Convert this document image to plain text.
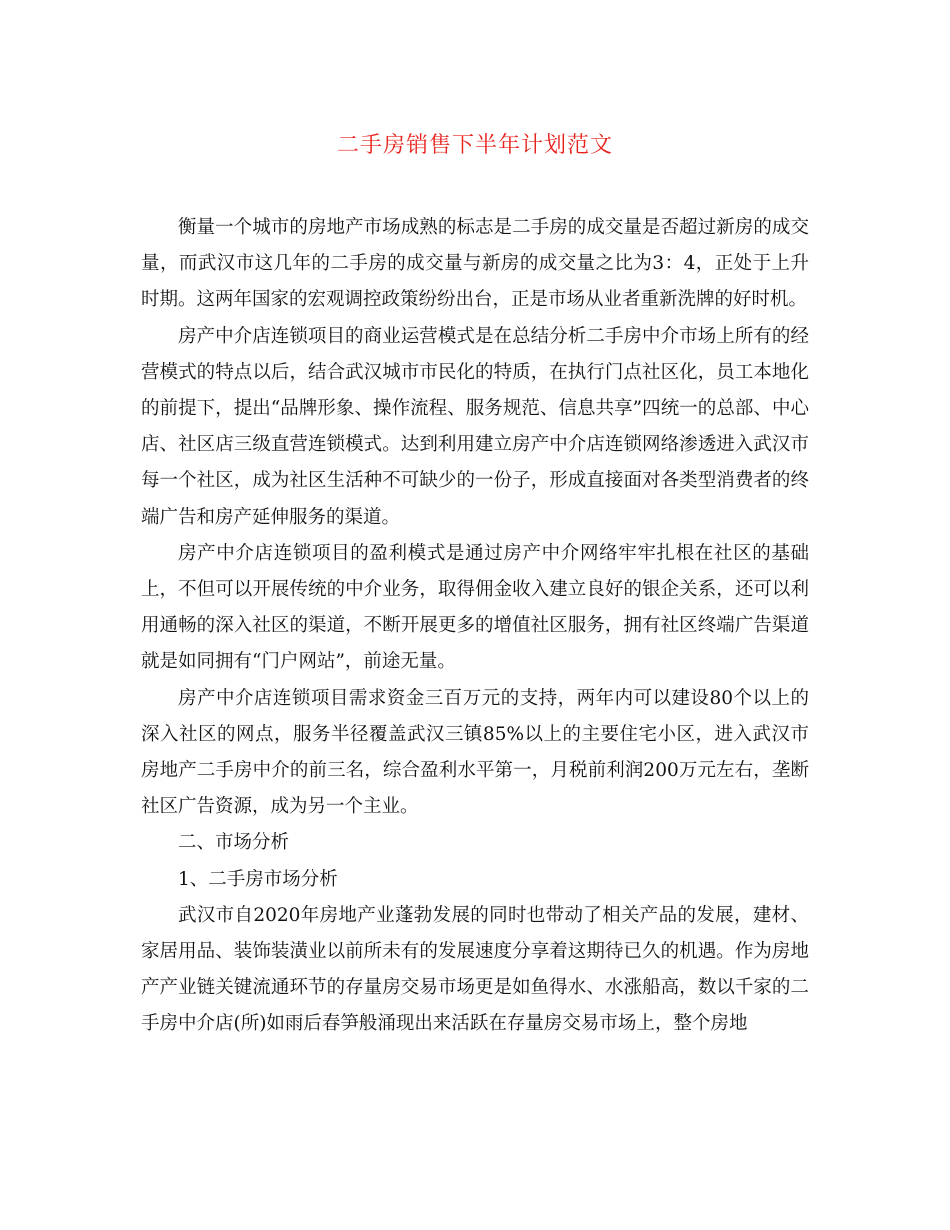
二手房销售下半年计划范文

衡量一个城市的房地产市场成熟的标志是二手房的成交量是否超过新房的成交量，而武汉市这几年的二手房的成交量与新房的成交量之比为3：4，正处于上升时期。这两年国家的宏观调控政策纷纷出台，正是市场从业者重新洗牌的好时机。

房产中介店连锁项目的商业运营模式是在总结分析二手房中介市场上所有的经营模式的特点以后，结合武汉城市市民化的特质，在执行门点社区化，员工本地化的前提下，提出“品牌形象、操作流程、服务规范、信息共享”四统一的总部、中心店、社区店三级直营连锁模式。达到利用建立房产中介店连锁网络渗透进入武汉市每一个社区，成为社区生活种不可缺少的一份子，形成直接面对各类型消费者的终端广告和房产延伸服务的渠道。

房产中介店连锁项目的盈利模式是通过房产中介网络牢牢扎根在社区的基础上，不但可以开展传统的中介业务，取得佣金收入建立良好的银企关系，还可以利用通畅的深入社区的渠道，不断开展更多的增值社区服务，拥有社区终端广告渠道就是如同拥有“门户网站”，前途无量。

房产中介店连锁项目需求资金三百万元的支持，两年内可以建设80个以上的深入社区的网点，服务半径覆盖武汉三镇85%以上的主要住宅小区，进入武汉市房地产二手房中介的前三名，综合盈利水平第一，月税前利润200万元左右，垄断社区广告资源，成为另一个主业。

二、市场分析

1、二手房市场分析

武汉市自2020年房地产业蓬勃发展的同时也带动了相关产品的发展，建材、家居用品、装饰装潢业以前所未有的发展速度分享着这期待已久的机遇。作为房地产产业链关键流通环节的存量房交易市场更是如鱼得水、水涨船高，数以千家的二手房中介店(所)如雨后春笋般涌现出来活跃在存量房交易市场上，整个房地
